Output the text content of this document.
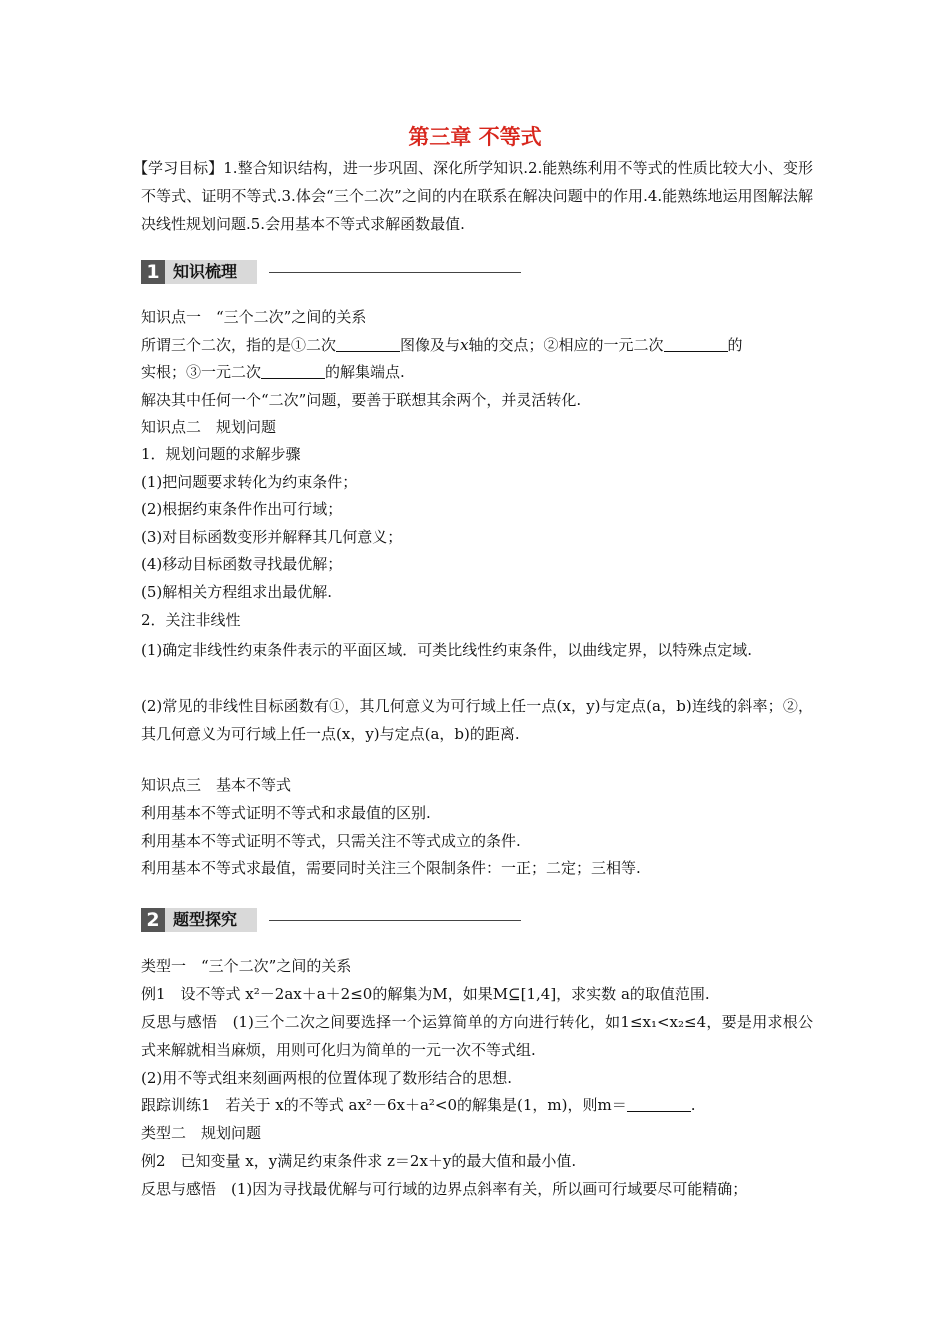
第三章 不等式
【学习目标】1.整合知识结构，进一步巩固、深化所学知识.2.能熟练利用不等式的性质比较大小、变形不等式、证明不等式.3.体会“三个二次”之间的内在联系在解决问题中的作用.4.能熟练地运用图解法解决线性规划问题.5.会用基本不等式求解函数最值.
1 知识梳理
知识点一　“三个二次”之间的关系
所谓三个二次，指的是①二次	图像及与x轴的交点；②相应的一元二次	的
实根；③一元二次	的解集端点.
解决其中任何一个“二次”问题，要善于联想其余两个，并灵活转化.
知识点二　规划问题
1．规划问题的求解步骤
(1)把问题要求转化为约束条件；
(2)根据约束条件作出可行域；
(3)对目标函数变形并解释其几何意义；
(4)移动目标函数寻找最优解；
(5)解相关方程组求出最优解.
2．关注非线性
(1)确定非线性约束条件表示的平面区域．可类比线性约束条件，以曲线定界，以特殊点定域.
(2)常见的非线性目标函数有①，其几何意义为可行域上任一点(x，y)与定点(a，b)连线的斜率；②，其几何意义为可行域上任一点(x，y)与定点(a，b)的距离.
知识点三　基本不等式
利用基本不等式证明不等式和求最值的区别.
利用基本不等式证明不等式，只需关注不等式成立的条件.
利用基本不等式求最值，需要同时关注三个限制条件：一正；二定；三相等.
2 题型探究
类型一　“三个二次”之间的关系
例1　设不等式 x²－2ax＋a＋2≤0的解集为M，如果M⊆[1,4]，求实数 a的取值范围.
反思与感悟　(1)三个二次之间要选择一个运算简单的方向进行转化，如1≤x₁<x₂≤4，要是用求根公式来解就相当麻烦，用则可化归为简单的一元一次不等式组.
(2)用不等式组来刻画两根的位置体现了数形结合的思想.
跟踪训练1　若关于 x的不等式 ax²－6x＋a²<0的解集是(1，m)，则m＝	.
类型二　规划问题
例2　已知变量 x，y满足约束条件求 z＝2x＋y的最大值和最小值.
反思与感悟　(1)因为寻找最优解与可行域的边界点斜率有关，所以画可行域要尽可能精确；
